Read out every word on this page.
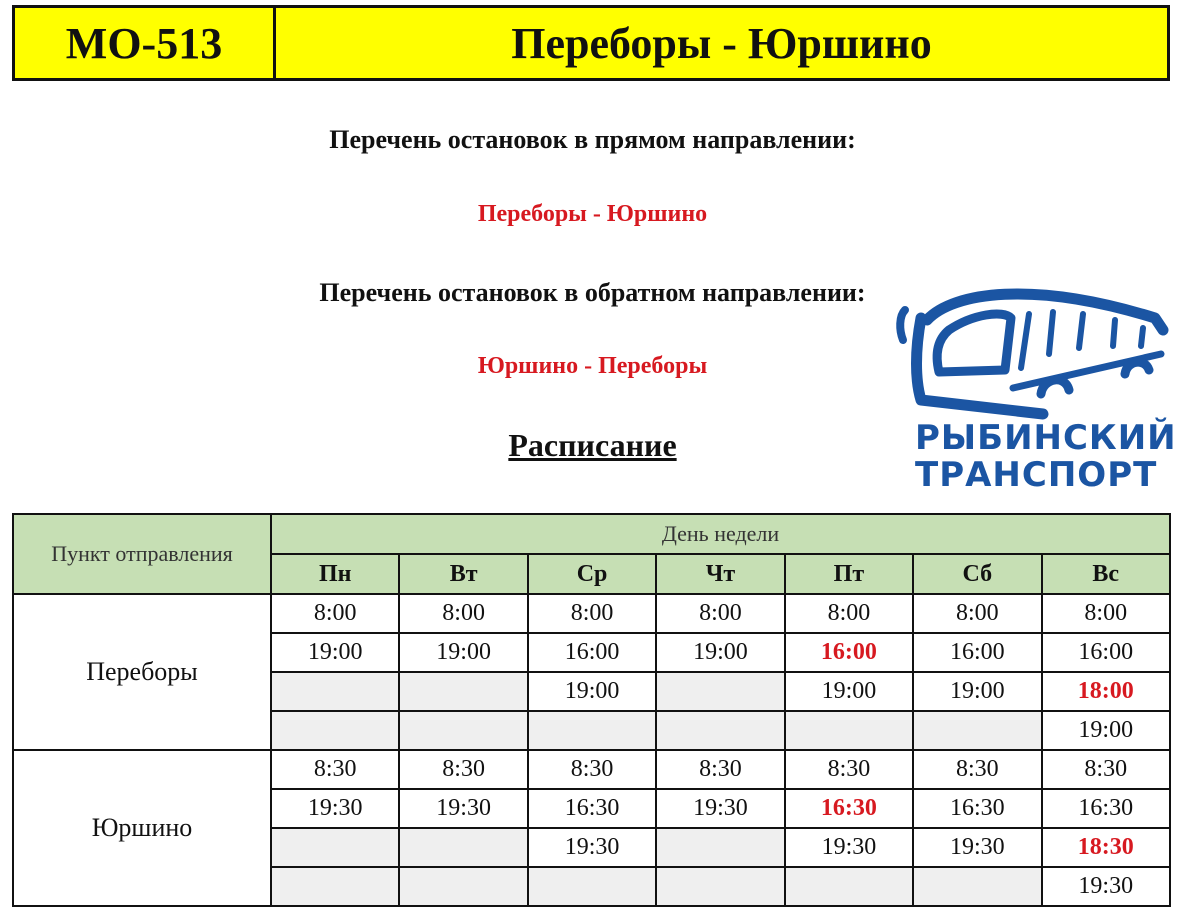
МО-513	Переборы - Юршино
Перечень остановок в прямом направлении:
Переборы - Юршино
Перечень остановок в обратном направлении:
Юршино - Переборы
Расписание	РЫБИНСКИЙ
ТРАНСПОРТ
Пункт отправления	День недели						
	Пн	Вт	Ср	Чт	Пт	Сб	Вс
Переборы	8:00	8:00	8:00	8:00	8:00	8:00	8:00
	19:00	19:00	16:00	19:00	16:00	16:00	16:00
			19:00		19:00	19:00	18:00
							19:00
Юршино	8:30	8:30	8:30	8:30	8:30	8:30	8:30
	19:30	19:30	16:30	19:30	16:30	16:30	16:30
			19:30		19:30	19:30	18:30
							19:30
